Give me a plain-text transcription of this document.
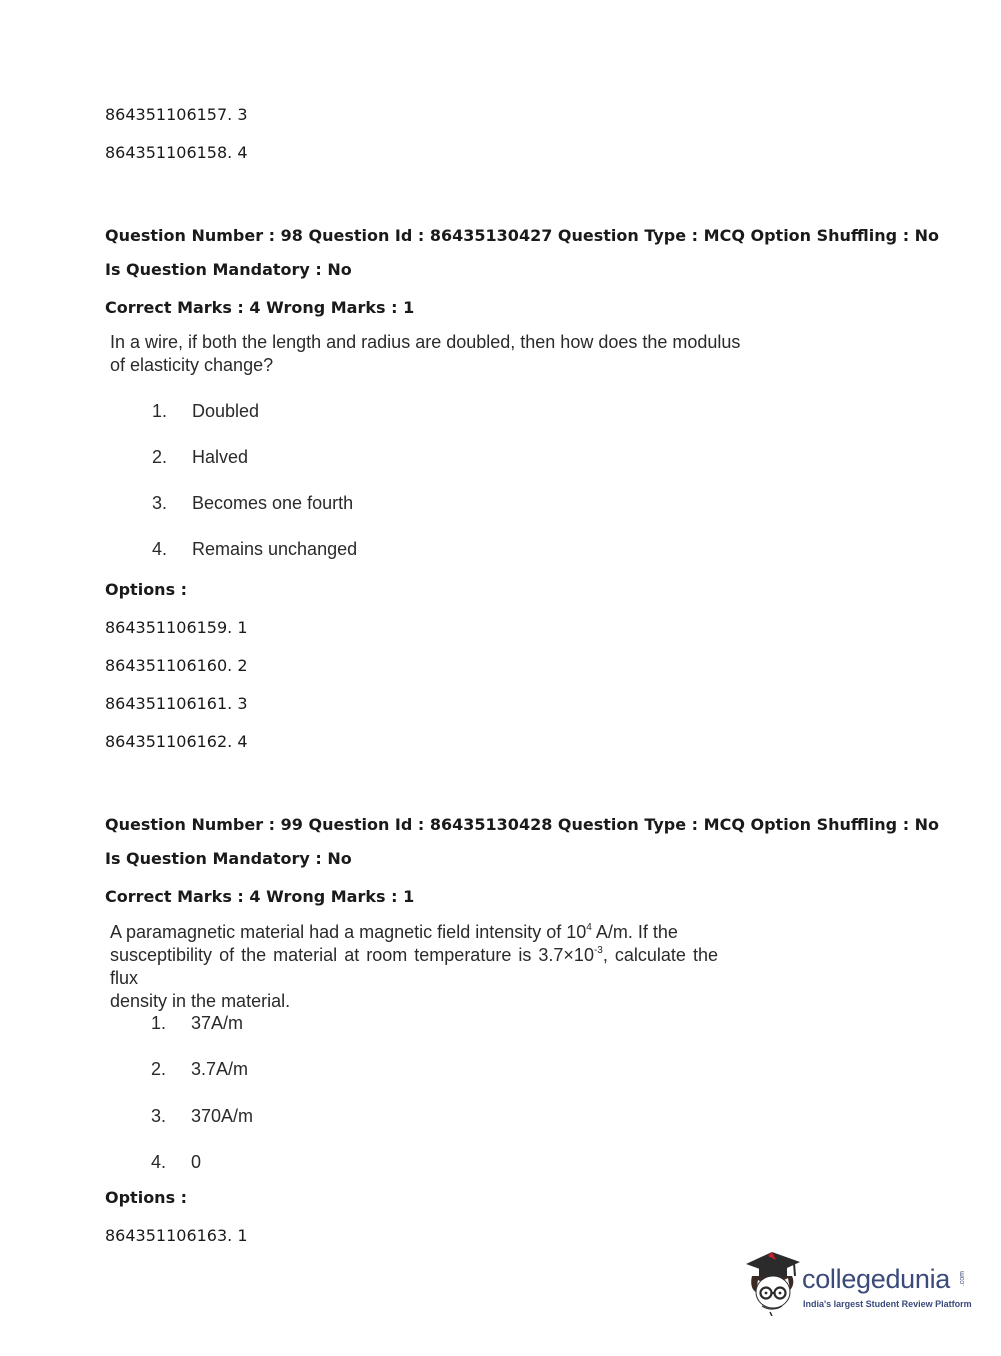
864351106157. 3
864351106158. 4
Question Number : 98 Question Id : 86435130427 Question Type : MCQ Option Shuffling : No
Is Question Mandatory : No
Correct Marks : 4 Wrong Marks : 1
In a wire, if both the length and radius are doubled, then how does the modulus
of elasticity change?
1. Doubled
2. Halved
3. Becomes one fourth
4. Remains unchanged
Options :
864351106159. 1
864351106160. 2
864351106161. 3
864351106162. 4
Question Number : 99 Question Id : 86435130428 Question Type : MCQ Option Shuffling : No
Is Question Mandatory : No
Correct Marks : 4 Wrong Marks : 1
A paramagnetic material had a magnetic field intensity of $10^4$ A/m. If the
susceptibility of the material at room temperature is $3.7\times 10^{-3}$, calculate the flux
density in the material.
1. 37A/m
2. 3.7A/m
3. 370A/m
4. 0
Options :
864351106163. 1
collegedunia .com
India's largest Student Review Platform
